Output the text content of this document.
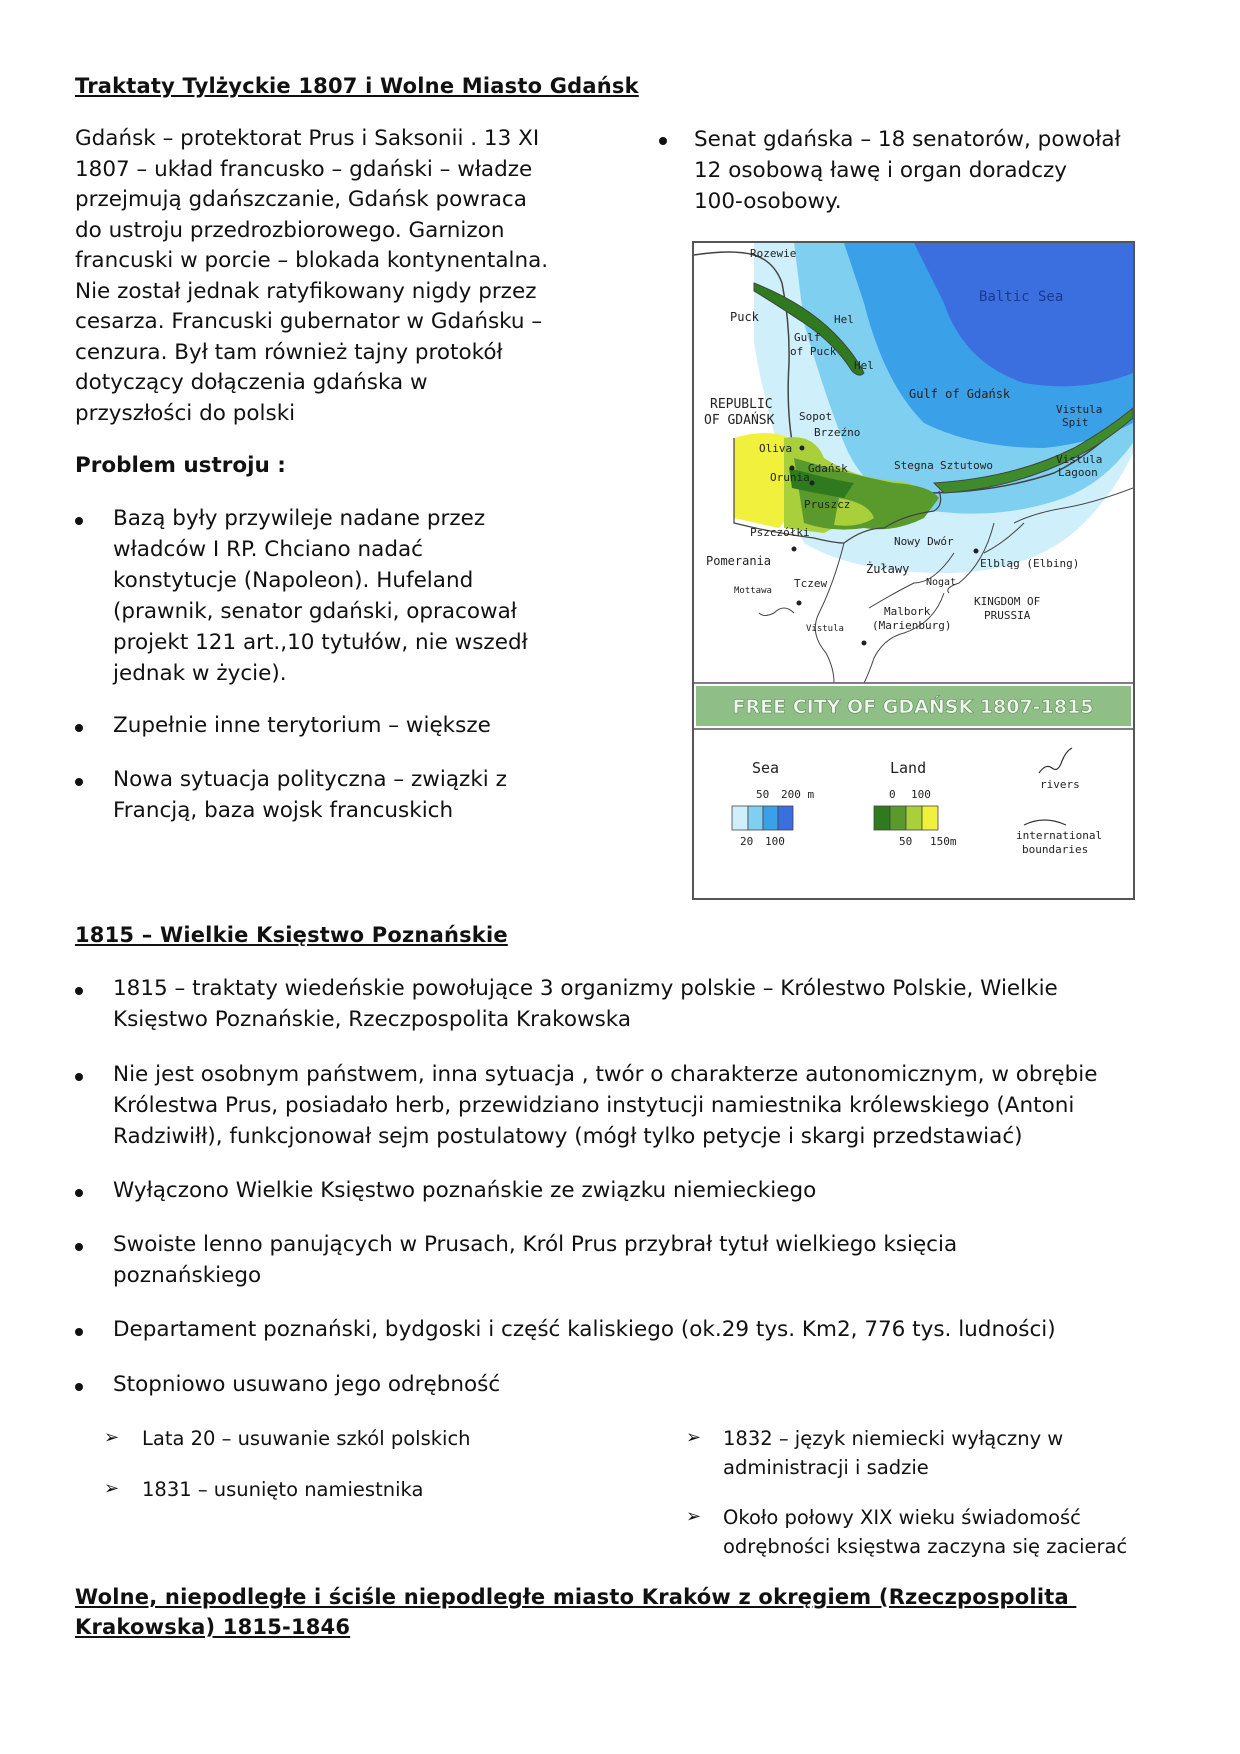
Traktaty Tylżyckie 1807 i Wolne Miasto Gdańsk
Gdańsk – protektorat Prus i Saksonii . 13 XI
1807 – układ francusko – gdański – władze
przejmują gdańszczanie, Gdańsk powraca
do ustroju przedrozbiorowego. Garnizon
francuski w porcie – blokada kontynentalna.
Nie został jednak ratyfikowany nigdy przez
cesarza. Francuski gubernator w Gdańsku –
cenzura. Był tam również tajny protokół
dotyczący dołączenia gdańska w
przyszłości do polski
Senat gdańska – 18 senatorów, powołał
12 osobową ławę i organ doradczy
100-osobowy.
Problem ustroju :
Bazą były przywileje nadane przez
władców I RP. Chciano nadać
konstytucje (Napoleon). Hufeland
(prawnik, senator gdański, opracował
projekt 121 art.,10 tytułów, nie wszedł
jednak w życie).
Zupełnie inne terytorium – większe
Nowa sytuacja polityczna – związki z
Francją, baza wojsk francuskich
Rozewie
Baltic Sea
Puck	Hel
Gulf
of Puck
Hel
Gulf of Gdańsk
REPUBLIC
OF GDAŃSK Sopot
Brzeźno
Vistula
Spit
Oliva
Gdańsk	Stegna Sztutowo	Vistula
Lagoon
Orunia
Pruszcz
Pszczółki
Nowy Dwór
Pomerania
Żuławy	Elbląg (Elbing)
Tczew	Nogat
Mottawa
KINGDOM OF
PRUSSIA
Malbork
(Marienburg)
Vistula
FREE CITY OF GDAŃSK 1807-1815
Sea	Land
50 200 m	0 100
20 100	50 150m
rivers
international
boundaries
1815 – Wielkie Księstwo Poznańskie
1815 – traktaty wiedeńskie powołujące 3 organizmy polskie – Królestwo Polskie, Wielkie
Księstwo Poznańskie, Rzeczpospolita Krakowska
Nie jest osobnym państwem, inna sytuacja , twór o charakterze autonomicznym, w obrębie
Królestwa Prus, posiadało herb, przewidziano instytucji namiestnika królewskiego (Antoni
Radziwiłł), funkcjonował sejm postulatowy (mógł tylko petycje i skargi przedstawiać)
Wyłączono Wielkie Księstwo poznańskie ze związku niemieckiego
Swoiste lenno panujących w Prusach, Król Prus przybrał tytuł wielkiego księcia
poznańskiego
Departament poznański, bydgoski i część kaliskiego (ok.29 tys. Km2, 776 tys. ludności)
Stopniowo usuwano jego odrębność
➢ Lata 20 – usuwanie szkól polskich
➢ 1831 – usunięto namiestnika
➢ 1832 – język niemiecki wyłączny w
administracji i sadzie
➢ Około połowy XIX wieku świadomość
odrębności księstwa zaczyna się zacierać
Wolne, niepodległe i ściśle niepodległe miasto Kraków z okręgiem (Rzeczpospolita
Krakowska) 1815-1846
